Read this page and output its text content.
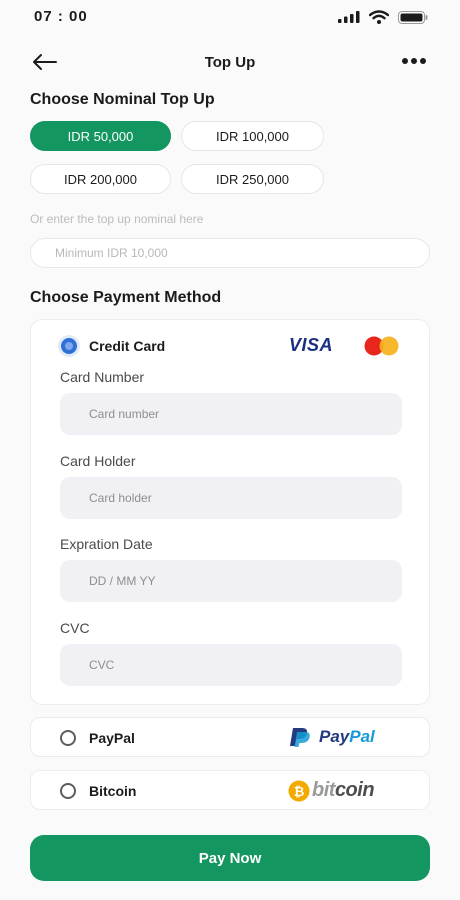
07 : 00
Top Up
Choose Nominal Top Up
IDR 50,000	IDR 100,000
IDR 200,000	IDR 250,000
Or enter the top up nominal here
Minimum IDR 10,000
Choose Payment Method
Credit Card	VISA
Card Number
Card number
Card Holder
Card holder
Expration Date
DD / MM YY
CVC
CVC
PayPal	PayPal
Bitcoin	₿ bitcoin
Pay Now
